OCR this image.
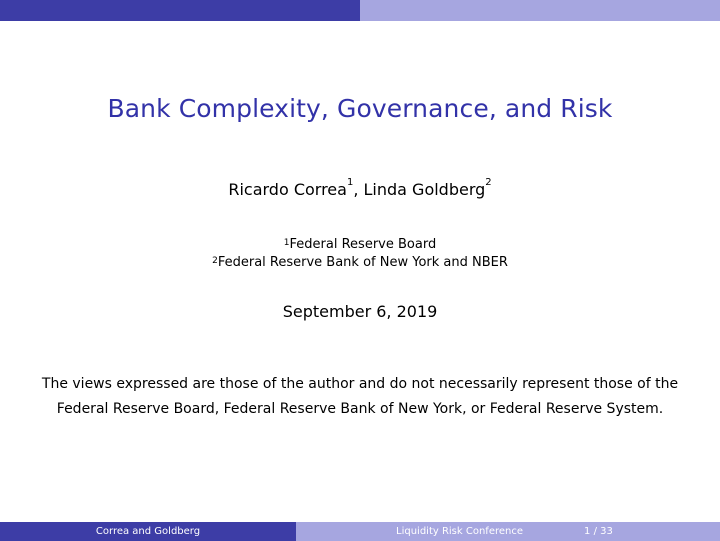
Bank Complexity, Governance, and Risk
Ricardo Correa$^1$, Linda Goldberg$^2$
$^1$Federal Reserve Board
$^2$Federal Reserve Bank of New York and NBER
September 6, 2019
The views expressed are those of the author and do not necessarily represent those of the Federal Reserve Board, Federal Reserve Bank of New York, or Federal Reserve System.
Correa and Goldberg	Liquidity Risk Conference	1 / 33
